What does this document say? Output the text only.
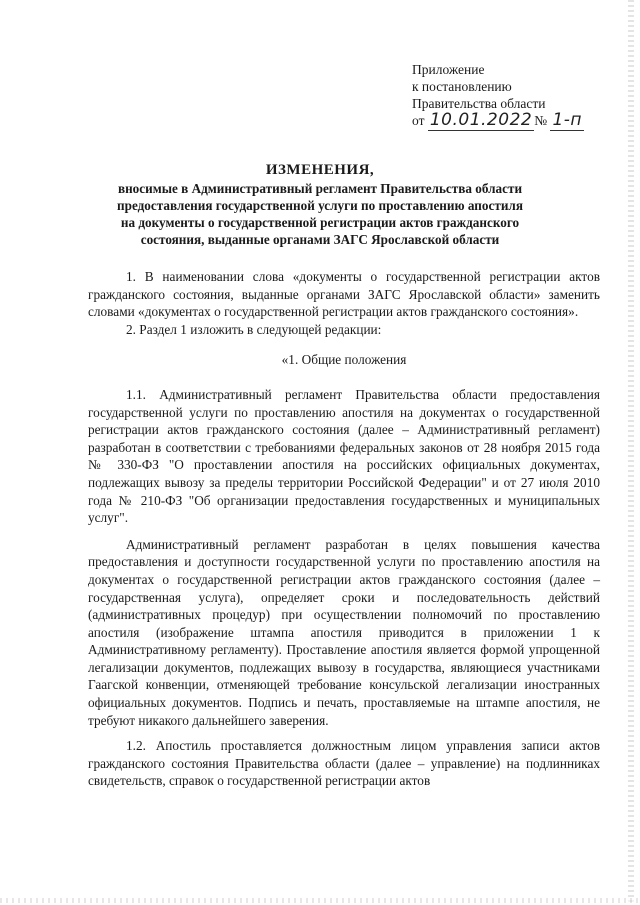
Приложение
к постановлению
Правительства области
от 10.01.2022 № 1-п
ИЗМЕНЕНИЯ,
вносимые в Административный регламент Правительства области
предоставления государственной услуги по проставлению апостиля
на документы о государственной регистрации актов гражданского
состояния, выданные органами ЗАГС Ярославской области

1. В наименовании слова «документы о государственной регистрации актов гражданского состояния, выданные органами ЗАГС Ярославской области» заменить словами «документах о государственной регистрации актов гражданского состояния».

2. Раздел 1 изложить в следующей редакции:

«1. Общие положения

1.1. Административный регламент Правительства области предоставления государственной услуги по проставлению апостиля на документах о государственной регистрации актов гражданского состояния (далее – Административный регламент) разработан в соответствии с требованиями федеральных законов от 28 ноября 2015 года № 330-ФЗ "О проставлении апостиля на российских официальных документах, подлежащих вывозу за пределы территории Российской Федерации" и от 27 июля 2010 года № 210-ФЗ "Об организации предоставления государственных и муниципальных услуг".

Административный регламент разработан в целях повышения качества предоставления и доступности государственной услуги по проставлению апостиля на документах о государственной регистрации актов гражданского состояния (далее – государственная услуга), определяет сроки и последовательность действий (административных процедур) при осуществлении полномочий по проставлению апостиля (изображение штампа апостиля приводится в приложении 1 к Административному регламенту). Проставление апостиля является формой упрощенной легализации документов, подлежащих вывозу в государства, являющиеся участниками Гаагской конвенции, отменяющей требование консульской легализации иностранных официальных документов. Подпись и печать, проставляемые на штампе апостиля, не требуют никакого дальнейшего заверения.

1.2. Апостиль проставляется должностным лицом управления записи актов гражданского состояния Правительства области (далее – управление) на подлинниках свидетельств, справок о государственной регистрации актов
